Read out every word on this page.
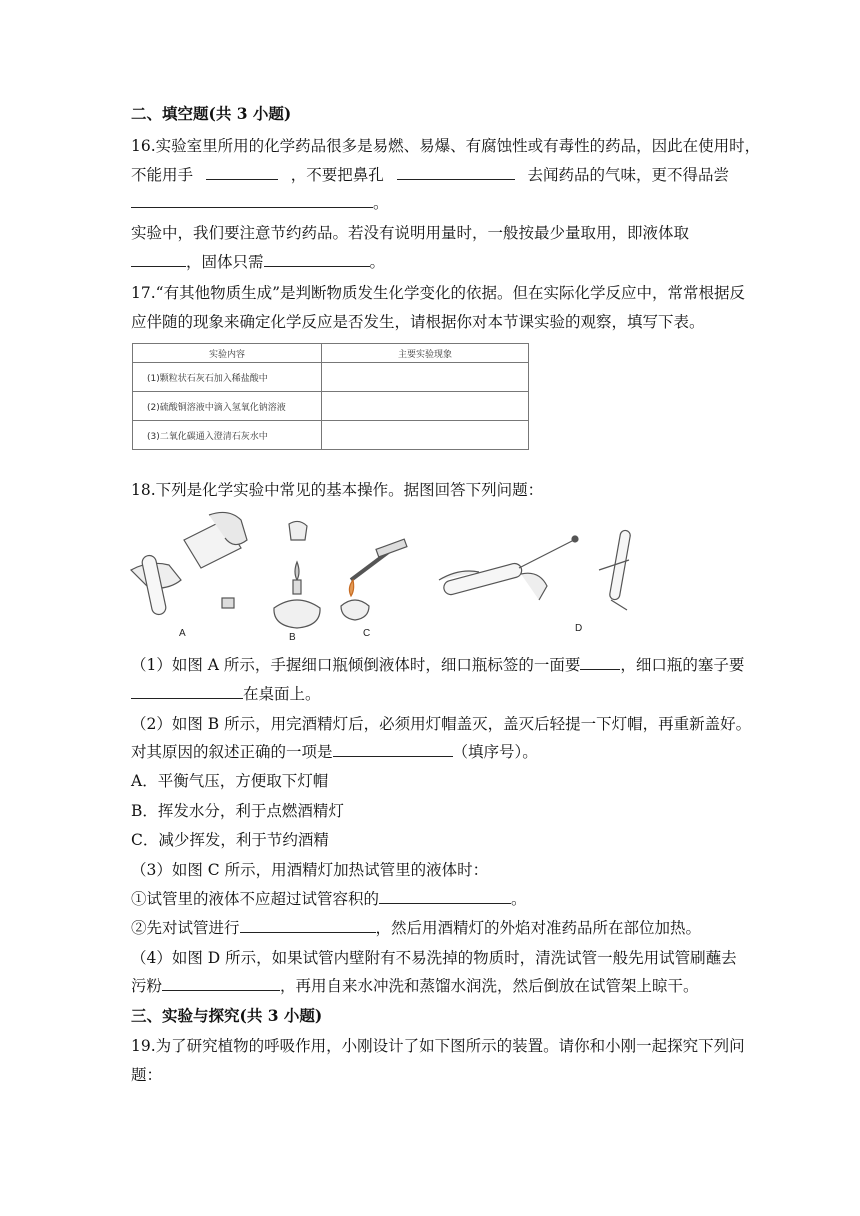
二、填空题(共 3 小题)
16.实验室里所用的化学药品很多是易燃、易爆、有腐蚀性或有毒性的药品，因此在使用时，
不能用手	，不要把鼻孔	去闻药品的气味，更不得品尝
。
实验中，我们要注意节约药品。若没有说明用量时，一般按最少量取用，即液体取
，固体只需	。
17.“有其他物质生成”是判断物质发生化学变化的依据。但在实际化学反应中，常常根据反
应伴随的现象来确定化学反应是否发生，请根据你对本节课实验的观察，填写下表。
实验内容	主要实验现象
(1)颗粒状石灰石加入稀盐酸中	
(2)硫酸铜溶液中滴入氢氧化钠溶液	
(3)二氧化碳通入澄清石灰水中	
18.下列是化学实验中常见的基本操作。据图回答下列问题：
A	B	C	D
（1）如图 A 所示，手握细口瓶倾倒液体时，细口瓶标签的一面要	，细口瓶的塞子要
在桌面上。
（2）如图 B 所示，用完酒精灯后，必须用灯帽盖灭，盖灭后轻提一下灯帽，再重新盖好。
对其原因的叙述正确的一项是	（填序号）。
A．平衡气压，方便取下灯帽
B．挥发水分，利于点燃酒精灯
C．减少挥发，利于节约酒精
（3）如图 C 所示，用酒精灯加热试管里的液体时：
①试管里的液体不应超过试管容积的	。
②先对试管进行	，然后用酒精灯的外焰对准药品所在部位加热。
（4）如图 D 所示，如果试管内壁附有不易洗掉的物质时，清洗试管一般先用试管刷蘸去
污粉	，再用自来水冲洗和蒸馏水润洗，然后倒放在试管架上晾干。
三、实验与探究(共 3 小题)
19.为了研究植物的呼吸作用，小刚设计了如下图所示的装置。请你和小刚一起探究下列问
题：
